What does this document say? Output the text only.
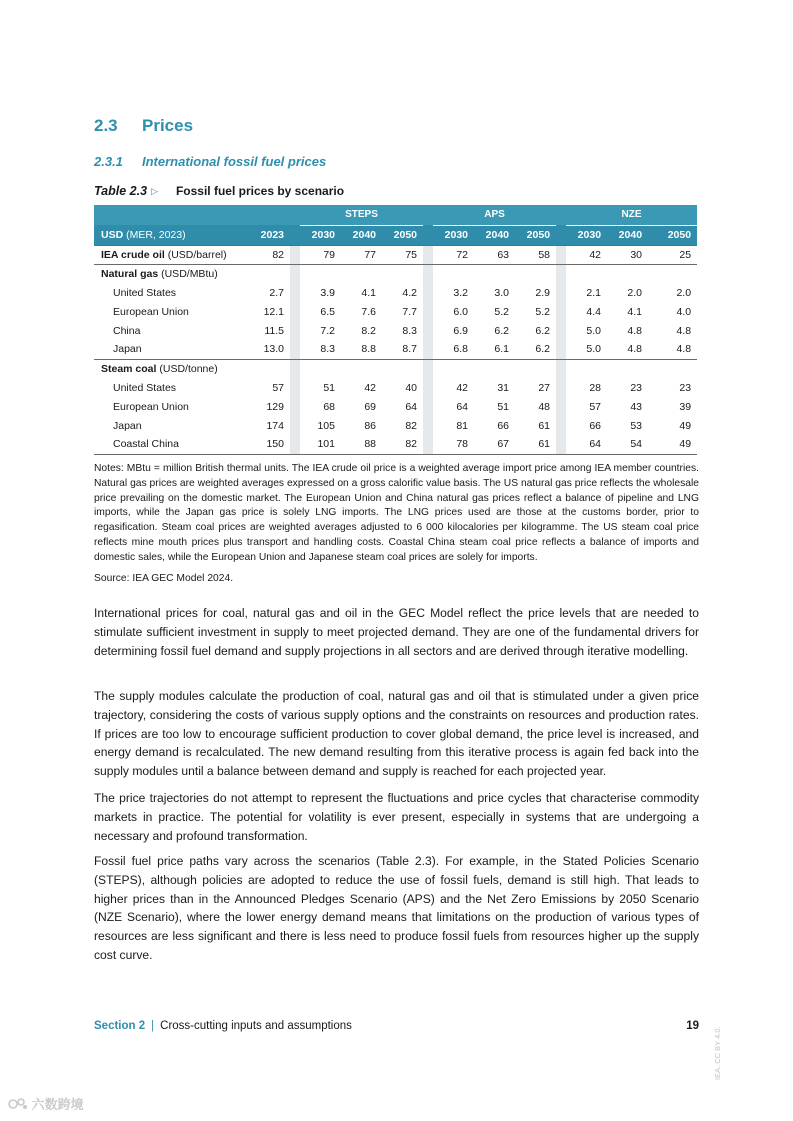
2.3 Prices
2.3.1 International fossil fuel prices
Table 2.3 ▷ Fossil fuel prices by scenario
			STEPS				APS				NZE		
USD (MER, 2023)	2023		2030	2040	2050		2030	2040	2050		2030	2040	2050
IEA crude oil (USD/barrel)	82		79	77	75		72	63	58		42	30	25
Natural gas (USD/MBtu)													
United States	2.7		3.9	4.1	4.2		3.2	3.0	2.9		2.1	2.0	2.0
European Union	12.1		6.5	7.6	7.7		6.0	5.2	5.2		4.4	4.1	4.0
China	11.5		7.2	8.2	8.3		6.9	6.2	6.2		5.0	4.8	4.8
Japan	13.0		8.3	8.8	8.7		6.8	6.1	6.2		5.0	4.8	4.8
Steam coal (USD/tonne)													
United States	57		51	42	40		42	31	27		28	23	23
European Union	129		68	69	64		64	51	48		57	43	39
Japan	174		105	86	82		81	66	61		66	53	49
Coastal China	150		101	88	82		78	67	61		64	54	49
Notes: MBtu = million British thermal units. The IEA crude oil price is a weighted average import price among IEA member countries. Natural gas prices are weighted averages expressed on a gross calorific value basis. The US natural gas price reflects the wholesale price prevailing on the domestic market. The European Union and China natural gas prices reflect a balance of pipeline and LNG imports, while the Japan gas price is solely LNG imports. The LNG prices used are those at the customs border, prior to regasification. Steam coal prices are weighted averages adjusted to 6 000 kilocalories per kilogramme. The US steam coal price reflects mine mouth prices plus transport and handling costs. Coastal China steam coal price reflects a balance of imports and domestic sales, while the European Union and Japanese steam coal prices are solely for imports.
Source: IEA GEC Model 2024.

International prices for coal, natural gas and oil in the GEC Model reflect the price levels that are needed to stimulate sufficient investment in supply to meet projected demand. They are one of the fundamental drivers for determining fossil fuel demand and supply projections in all sectors and are derived through iterative modelling.

The supply modules calculate the production of coal, natural gas and oil that is stimulated under a given price trajectory, considering the costs of various supply options and the constraints on resources and production rates. If prices are too low to encourage sufficient production to cover global demand, the price level is increased, and energy demand is recalculated. The new demand resulting from this iterative process is again fed back into the supply modules until a balance between demand and supply is reached for each projected year.

The price trajectories do not attempt to represent the fluctuations and price cycles that characterise commodity markets in practice. The potential for volatility is ever present, especially in systems that are undergoing a necessary and profound transformation.

Fossil fuel price paths vary across the scenarios (Table 2.3). For example, in the Stated Policies Scenario (STEPS), although policies are adopted to reduce the use of fossil fuels, demand is still high. That leads to higher prices than in the Announced Pledges Scenario (APS) and the Net Zero Emissions by 2050 Scenario (NZE Scenario), where the lower energy demand means that limitations on the production of various types of resources are less significant and there is less need to produce fossil fuels from resources higher up the supply cost curve.

Section 2 | Cross-cutting inputs and assumptions	19
IEA. CC BY 4.0.
六数跨境
